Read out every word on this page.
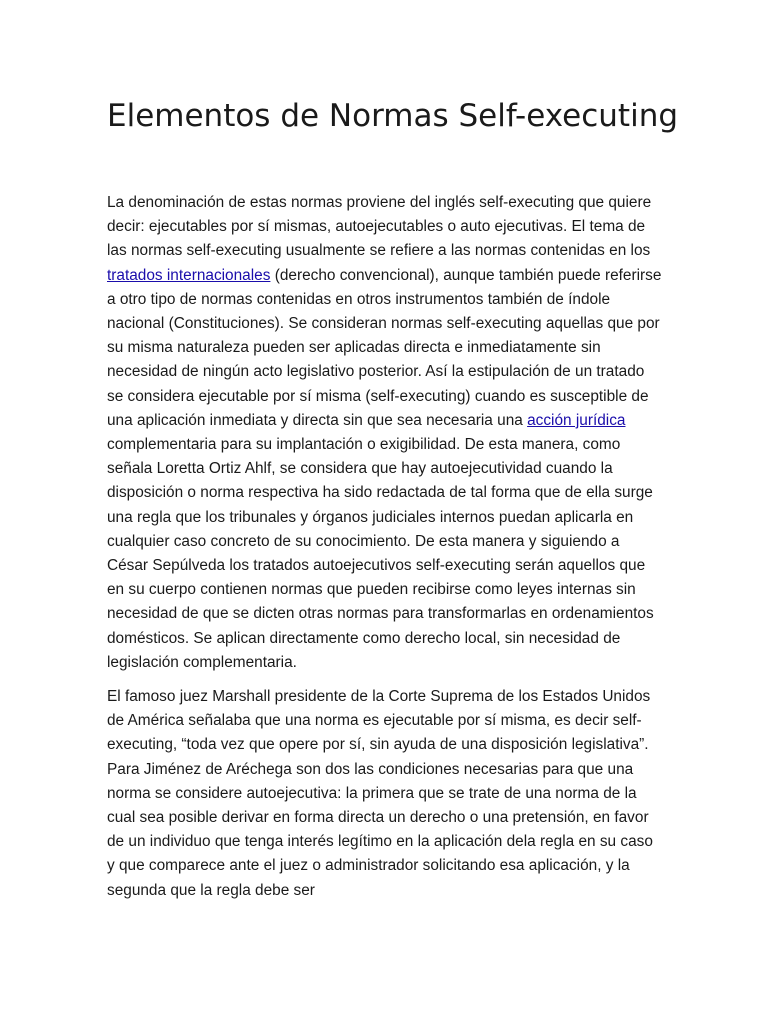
Elementos de Normas Self-executing

La denominación de estas normas proviene del inglés self-executing que quiere decir: ejecutables por sí mismas, autoejecutables o auto ejecutivas. El tema de las normas self-executing usualmente se refiere a las normas contenidas en los tratados internacionales (derecho convencional), aunque también puede referirse a otro tipo de normas contenidas en otros instrumentos también de índole nacional (Constituciones). Se consideran normas self-executing aquellas que por su misma naturaleza pueden ser aplicadas directa e inmediatamente sin necesidad de ningún acto legislativo posterior. Así la estipulación de un tratado se considera ejecutable por sí misma (self-executing) cuando es susceptible de una aplicación inmediata y directa sin que sea necesaria una acción jurídica complementaria para su implantación o exigibilidad. De esta manera, como señala Loretta Ortiz Ahlf, se considera que hay autoejecutividad cuando la disposición o norma respectiva ha sido redactada de tal forma que de ella surge una regla que los tribunales y órganos judiciales internos puedan aplicarla en cualquier caso concreto de su conocimiento. De esta manera y siguiendo a César Sepúlveda los tratados autoejecutivos self-executing serán aquellos que en su cuerpo contienen normas que pueden recibirse como leyes internas sin necesidad de que se dicten otras normas para transformarlas en ordenamientos domésticos. Se aplican directamente como derecho local, sin necesidad de legislación complementaria.

El famoso juez Marshall presidente de la Corte Suprema de los Estados Unidos de América señalaba que una norma es ejecutable por sí misma, es decir self-executing, “toda vez que opere por sí, sin ayuda de una disposición legislativa”. Para Jiménez de Aréchega son dos las condiciones necesarias para que una norma se considere autoejecutiva: la primera que se trate de una norma de la cual sea posible derivar en forma directa un derecho o una pretensión, en favor de un individuo que tenga interés legítimo en la aplicación dela regla en su caso y que comparece ante el juez o administrador solicitando esa aplicación, y la segunda que la regla debe ser
